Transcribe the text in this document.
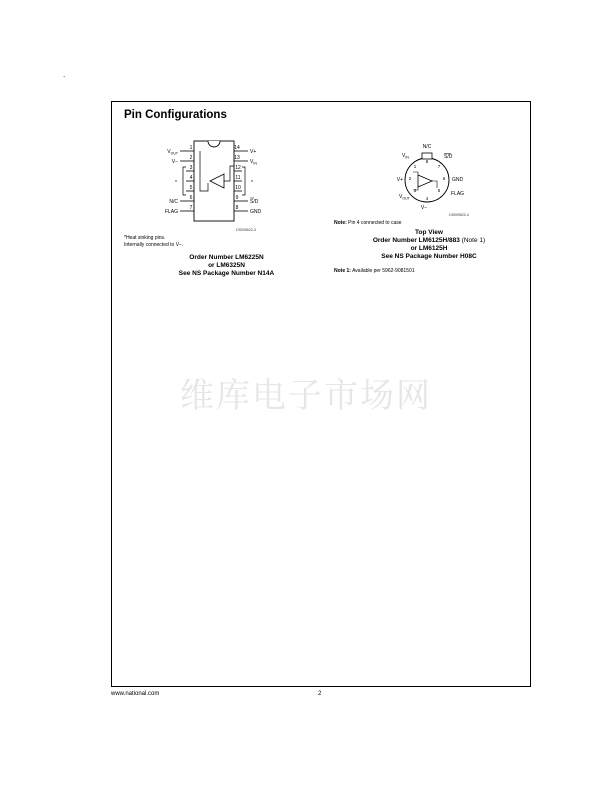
.
Pin Configurations
1
2
3
4
5
6
7
$V_{OUT}$
V−
N/C
FLAG
*
14
13
12
11
10
9
8
V+
$V_{IN}$
S/D
GND
*
DS009622-3
*Heat sinking pins.
Internally connected to V−.
Order Number LM6225N
or LM6325N
See NS Package Number N14A
1
2
3
4
5
6
7
8
N/C
$V_{IN}$	S/D
V+	GND
$V_{OUT}$
FLAG
V−
DS009622-4
Note: Pin 4 connected to case
Top View
Order Number LM6125H/883 (Note 1)
or LM6125H
See NS Package Number H08C
Note 1: Available per 5962-9081501
维库电子市场网
www.national.com	2
